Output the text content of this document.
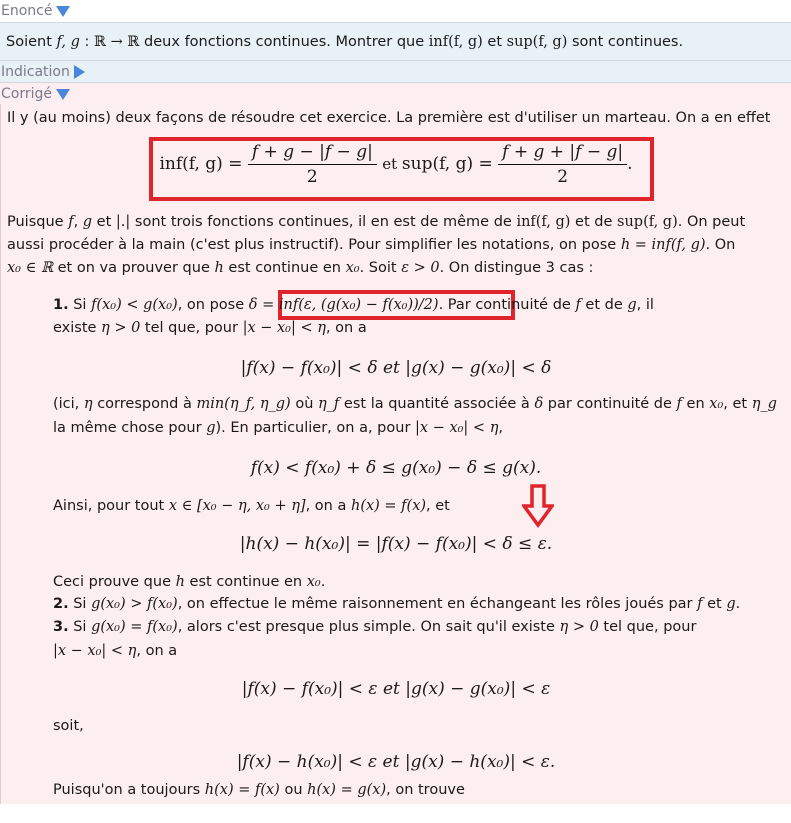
Enoncé
Soient f, g : ℝ → ℝ deux fonctions continues. Montrer que inf(f, g) et sup(f, g) sont continues.
Indication
Corrigé
Il y (au moins) deux façons de résoudre cet exercice. La première est d'utiliser un marteau. On a en effet
inf(f, $g) = \frac{f + g - |f - g|}{2}$ et sup(f, $g) = \frac{f + g + |f - g|}{2}$ .
Puisque f, g et |.| sont trois fonctions continues, il en est de même de inf(f, g) et de sup(f, g). On peut
aussi procéder à la main (c'est plus instructif). Pour simplifier les notations, on pose h = inf(f, g). On
x₀ ∈ ℝ et on va prouver que h est continue en x₀. Soit ε > 0. On distingue 3 cas :
1. Si f(x₀) < g(x₀), on pose δ = inf(ε, (g(x₀) − f(x₀))/2). Par continuité de f et de g, il
existe η > 0 tel que, pour |x − x₀| < η, on a
|f(x) − f(x₀)| < δ et |g(x) − g(x₀)| < δ
(ici, η correspond à min(η_f, η_g) où η_f est la quantité associée à δ par continuité de f en x₀, et η_g
la même chose pour g). En particulier, on a, pour |x − x₀| < η,
f(x) < f(x₀) + δ ≤ g(x₀) − δ ≤ g(x).
Ainsi, pour tout x ∈ [x₀ − η, x₀ + η], on a h(x) = f(x), et
|h(x) − h(x₀)| = |f(x) − f(x₀)| < δ ≤ ε.
Ceci prouve que h est continue en x₀.
2. Si g(x₀) > f(x₀), on effectue le même raisonnement en échangeant les rôles joués par f et g.
3. Si g(x₀) = f(x₀), alors c'est presque plus simple. On sait qu'il existe η > 0 tel que, pour
|x − x₀| < η, on a
|f(x) − f(x₀)| < ε et |g(x) − g(x₀)| < ε
soit,
|f(x) − h(x₀)| < ε et |g(x) − h(x₀)| < ε.
Puisqu'on a toujours h(x) = f(x) ou h(x) = g(x), on trouve
